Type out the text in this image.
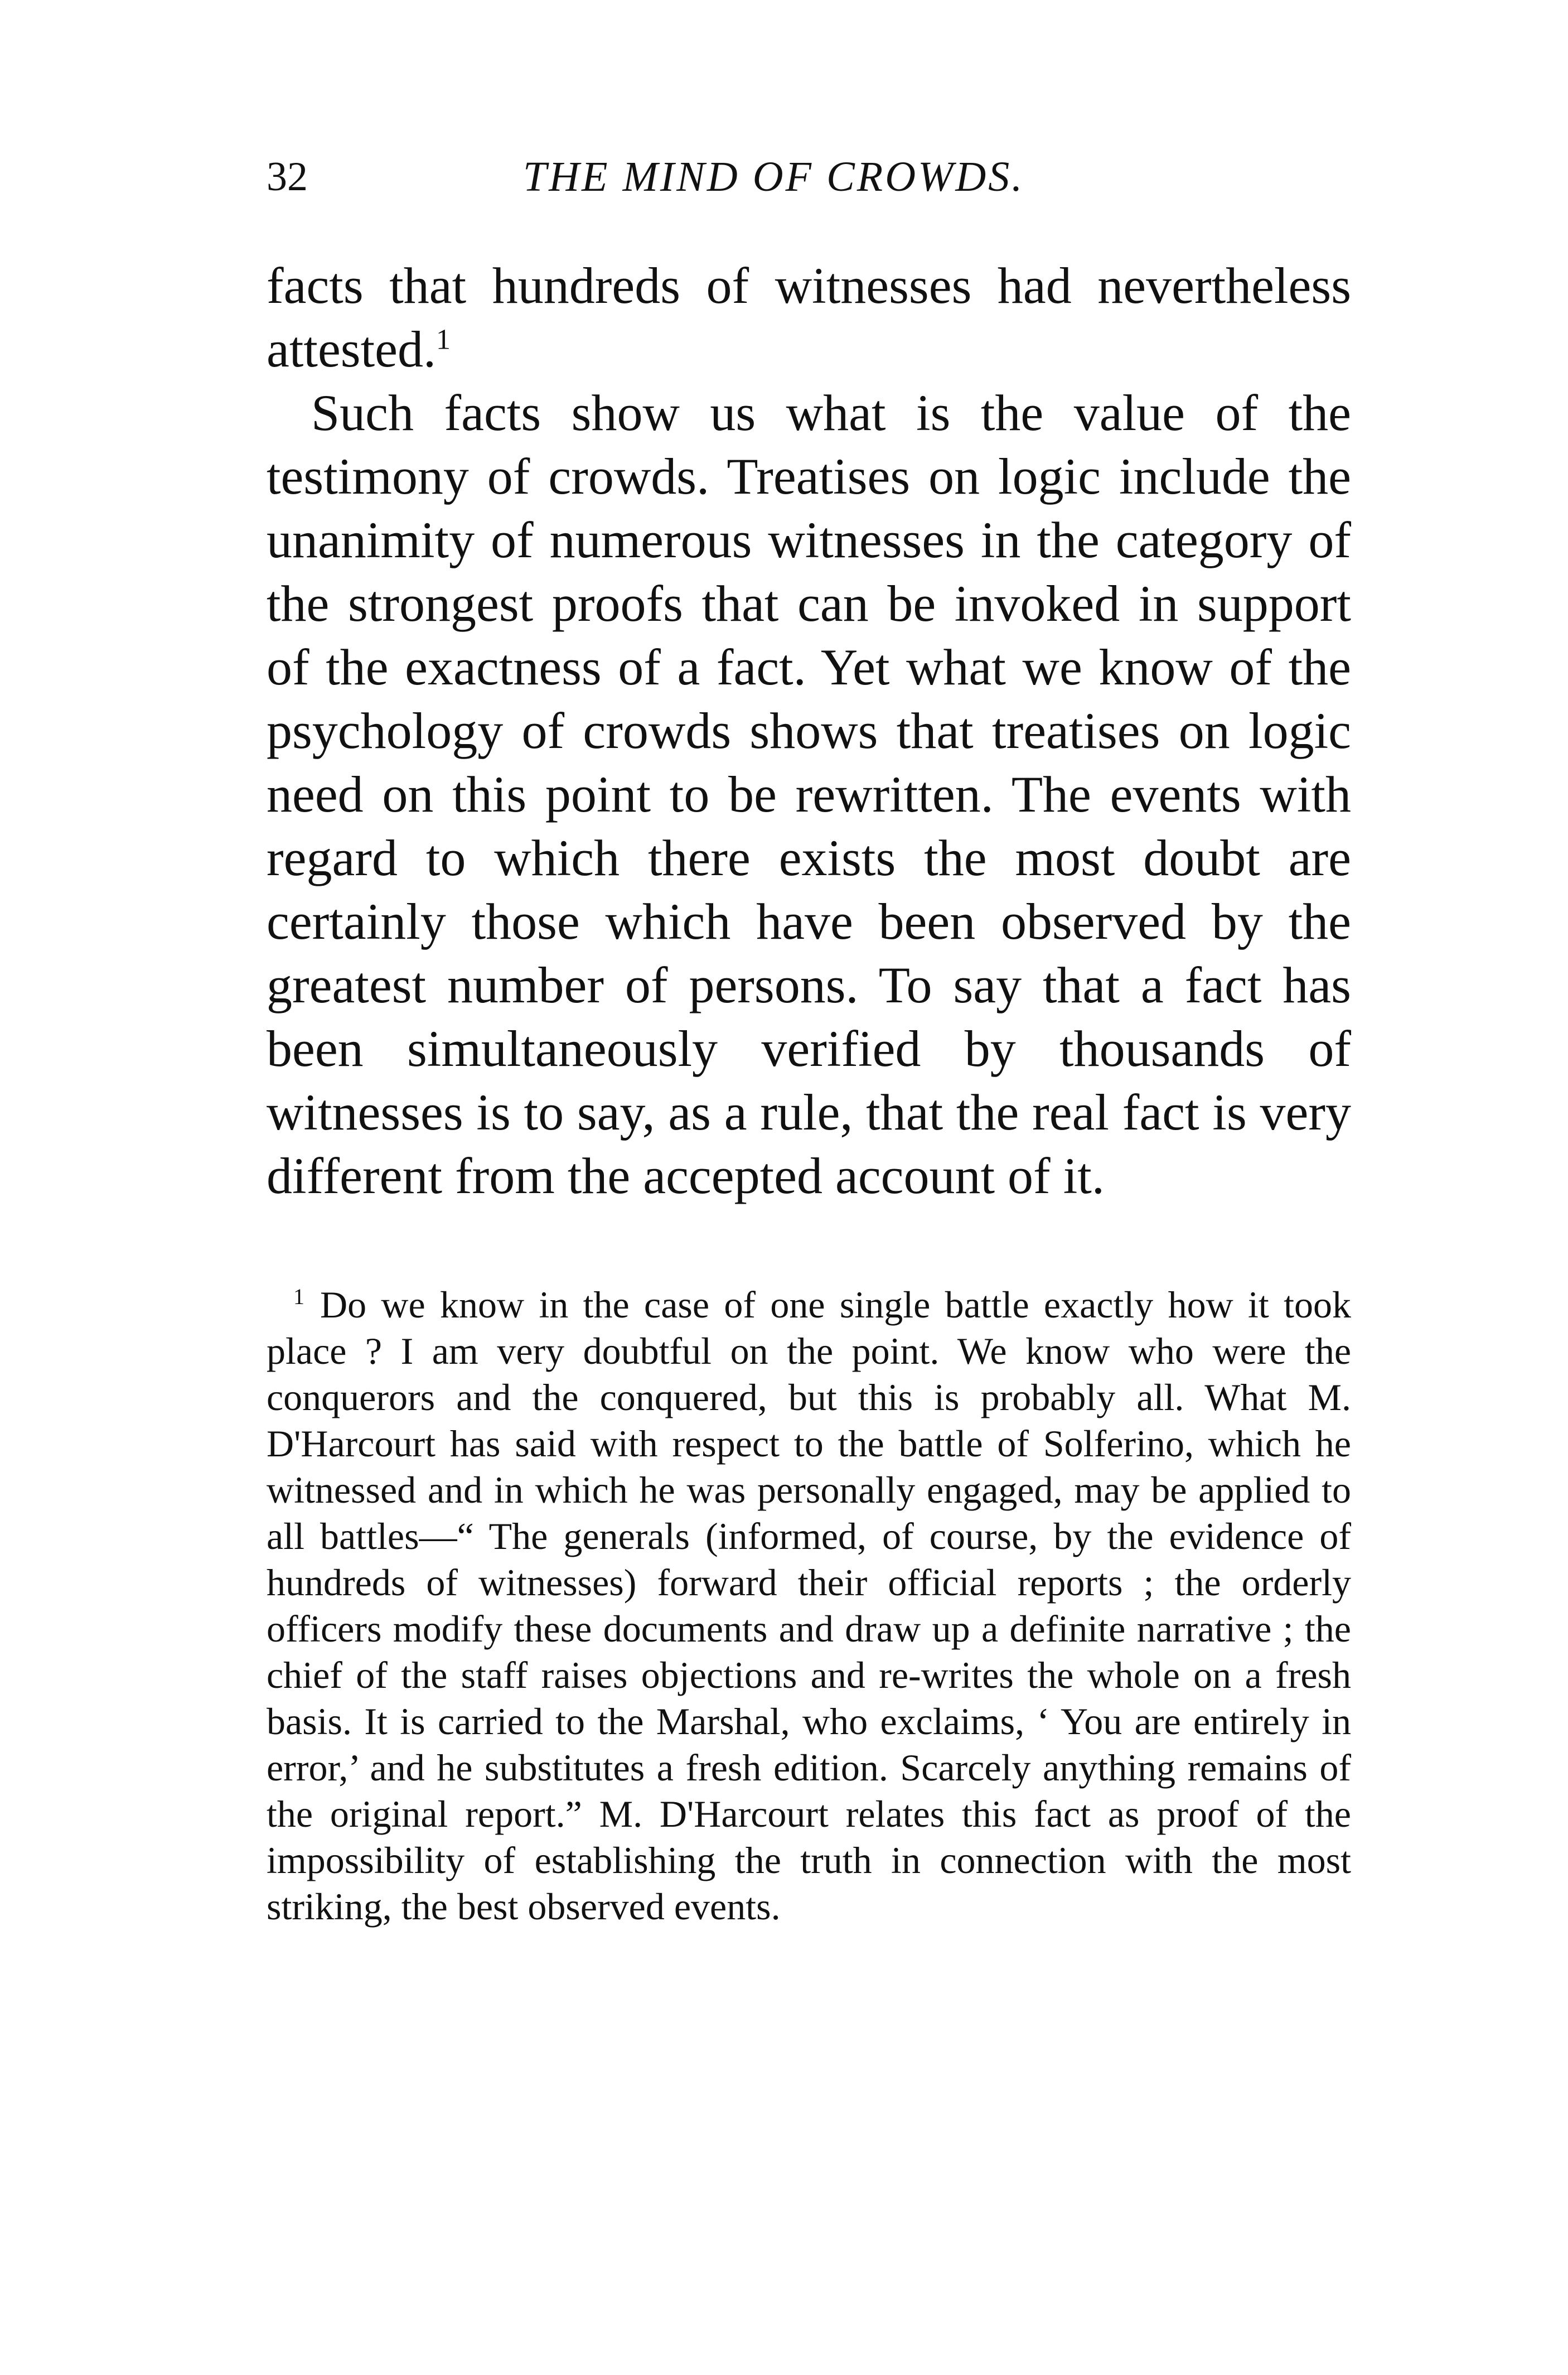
32	THE MIND OF CROWDS.

facts that hundreds of witnesses had nevertheless attested.$^1$

Such facts show us what is the value of the testimony of crowds. Treatises on logic include the unanimity of numerous witnesses in the category of the strongest proofs that can be invoked in support of the exactness of a fact. Yet what we know of the psychology of crowds shows that treatises on logic need on this point to be rewritten. The events with regard to which there exists the most doubt are certainly those which have been observed by the greatest number of persons. To say that a fact has been simultaneously verified by thousands of witnesses is to say, as a rule, that the real fact is very different from the accepted account of it.

$^1$ Do we know in the case of one single battle exactly how it took place ? I am very doubtful on the point. We know who were the conquerors and the conquered, but this is probably all. What M. D'Harcourt has said with respect to the battle of Solferino, which he witnessed and in which he was personally engaged, may be applied to all battles—“ The generals (informed, of course, by the evidence of hundreds of witnesses) forward their official reports ; the orderly officers modify these documents and draw up a definite narrative ; the chief of the staff raises objections and re-writes the whole on a fresh basis. It is carried to the Marshal, who exclaims, ‘ You are entirely in error,’ and he substitutes a fresh edition. Scarcely anything remains of the original report.” M. D'Harcourt relates this fact as proof of the impossibility of establishing the truth in connection with the most striking, the best observed events.
